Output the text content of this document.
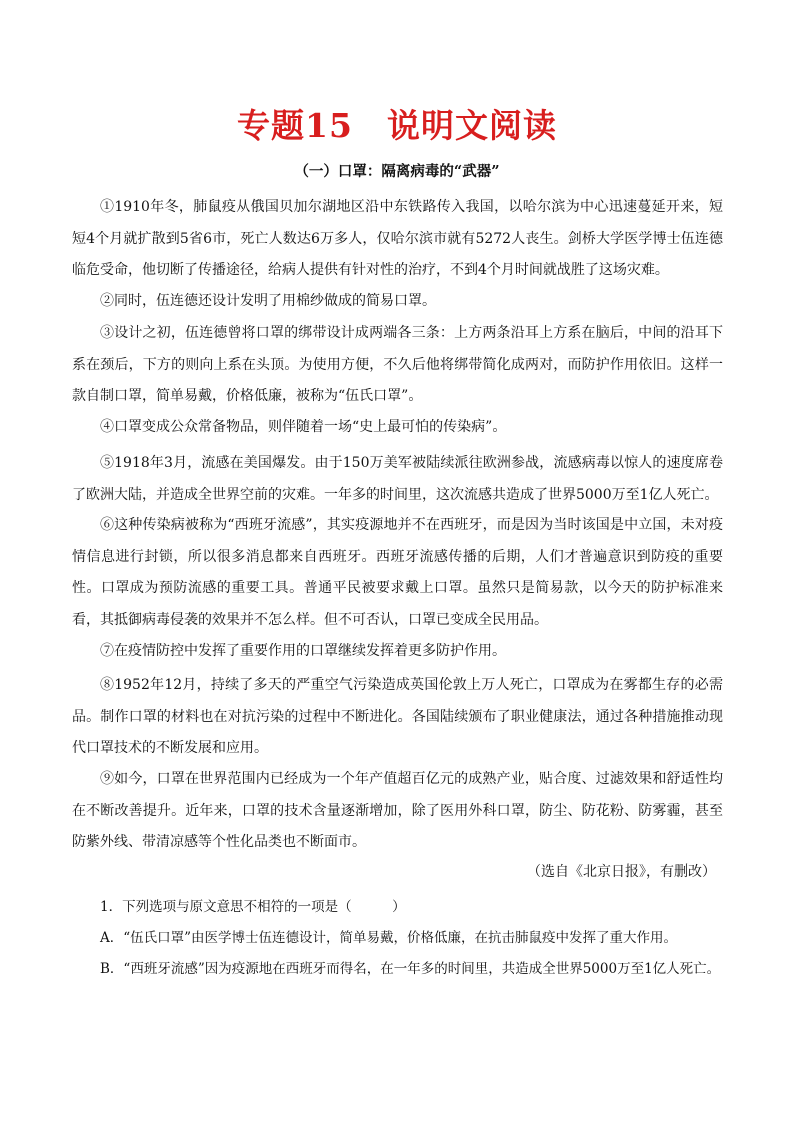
专题15　说明文阅读
（一）口罩：隔离病毒的“武器”

①1910年冬，肺鼠疫从俄国贝加尔湖地区沿中东铁路传入我国，以哈尔滨为中心迅速蔓延开来，短短4个月就扩散到5省6市，死亡人数达6万多人，仅哈尔滨市就有5272人丧生。剑桥大学医学博士伍连德临危受命，他切断了传播途径，给病人提供有针对性的治疗，不到4个月时间就战胜了这场灾难。

②同时，伍连德还设计发明了用棉纱做成的简易口罩。

③设计之初，伍连德曾将口罩的绑带设计成两端各三条：上方两条沿耳上方系在脑后，中间的沿耳下系在颈后，下方的则向上系在头顶。为使用方便，不久后他将绑带简化成两对，而防护作用依旧。这样一款自制口罩，简单易戴，价格低廉，被称为“伍氏口罩”。

④口罩变成公众常备物品，则伴随着一场“史上最可怕的传染病”。

⑤1918年3月，流感在美国爆发。由于150万美军被陆续派往欧洲参战，流感病毒以惊人的速度席卷了欧洲大陆，并造成全世界空前的灾难。一年多的时间里，这次流感共造成了世界5000万至1亿人死亡。

⑥这种传染病被称为“西班牙流感”，其实疫源地并不在西班牙，而是因为当时该国是中立国，未对疫情信息进行封锁，所以很多消息都来自西班牙。西班牙流感传播的后期，人们才普遍意识到防疫的重要性。口罩成为预防流感的重要工具。普通平民被要求戴上口罩。虽然只是简易款，以今天的防护标准来看，其抵御病毒侵袭的效果并不怎么样。但不可否认，口罩已变成全民用品。

⑦在疫情防控中发挥了重要作用的口罩继续发挥着更多防护作用。

⑧1952年12月，持续了多天的严重空气污染造成英国伦敦上万人死亡，口罩成为在雾都生存的必需品。制作口罩的材料也在对抗污染的过程中不断进化。各国陆续颁布了职业健康法，通过各种措施推动现代口罩技术的不断发展和应用。

⑨如今，口罩在世界范围内已经成为一个年产值超百亿元的成熟产业，贴合度、过滤效果和舒适性均在不断改善提升。近年来，口罩的技术含量逐渐增加，除了医用外科口罩，防尘、防花粉、防雾霾，甚至防紫外线、带清凉感等个性化品类也不断面市。

（选自《北京日报》，有删改）

1．下列选项与原文意思不相符的一项是（　　　）

A．“伍氏口罩”由医学博士伍连德设计，简单易戴，价格低廉，在抗击肺鼠疫中发挥了重大作用。

B．“西班牙流感”因为疫源地在西班牙而得名，在一年多的时间里，共造成全世界5000万至1亿人死亡。
